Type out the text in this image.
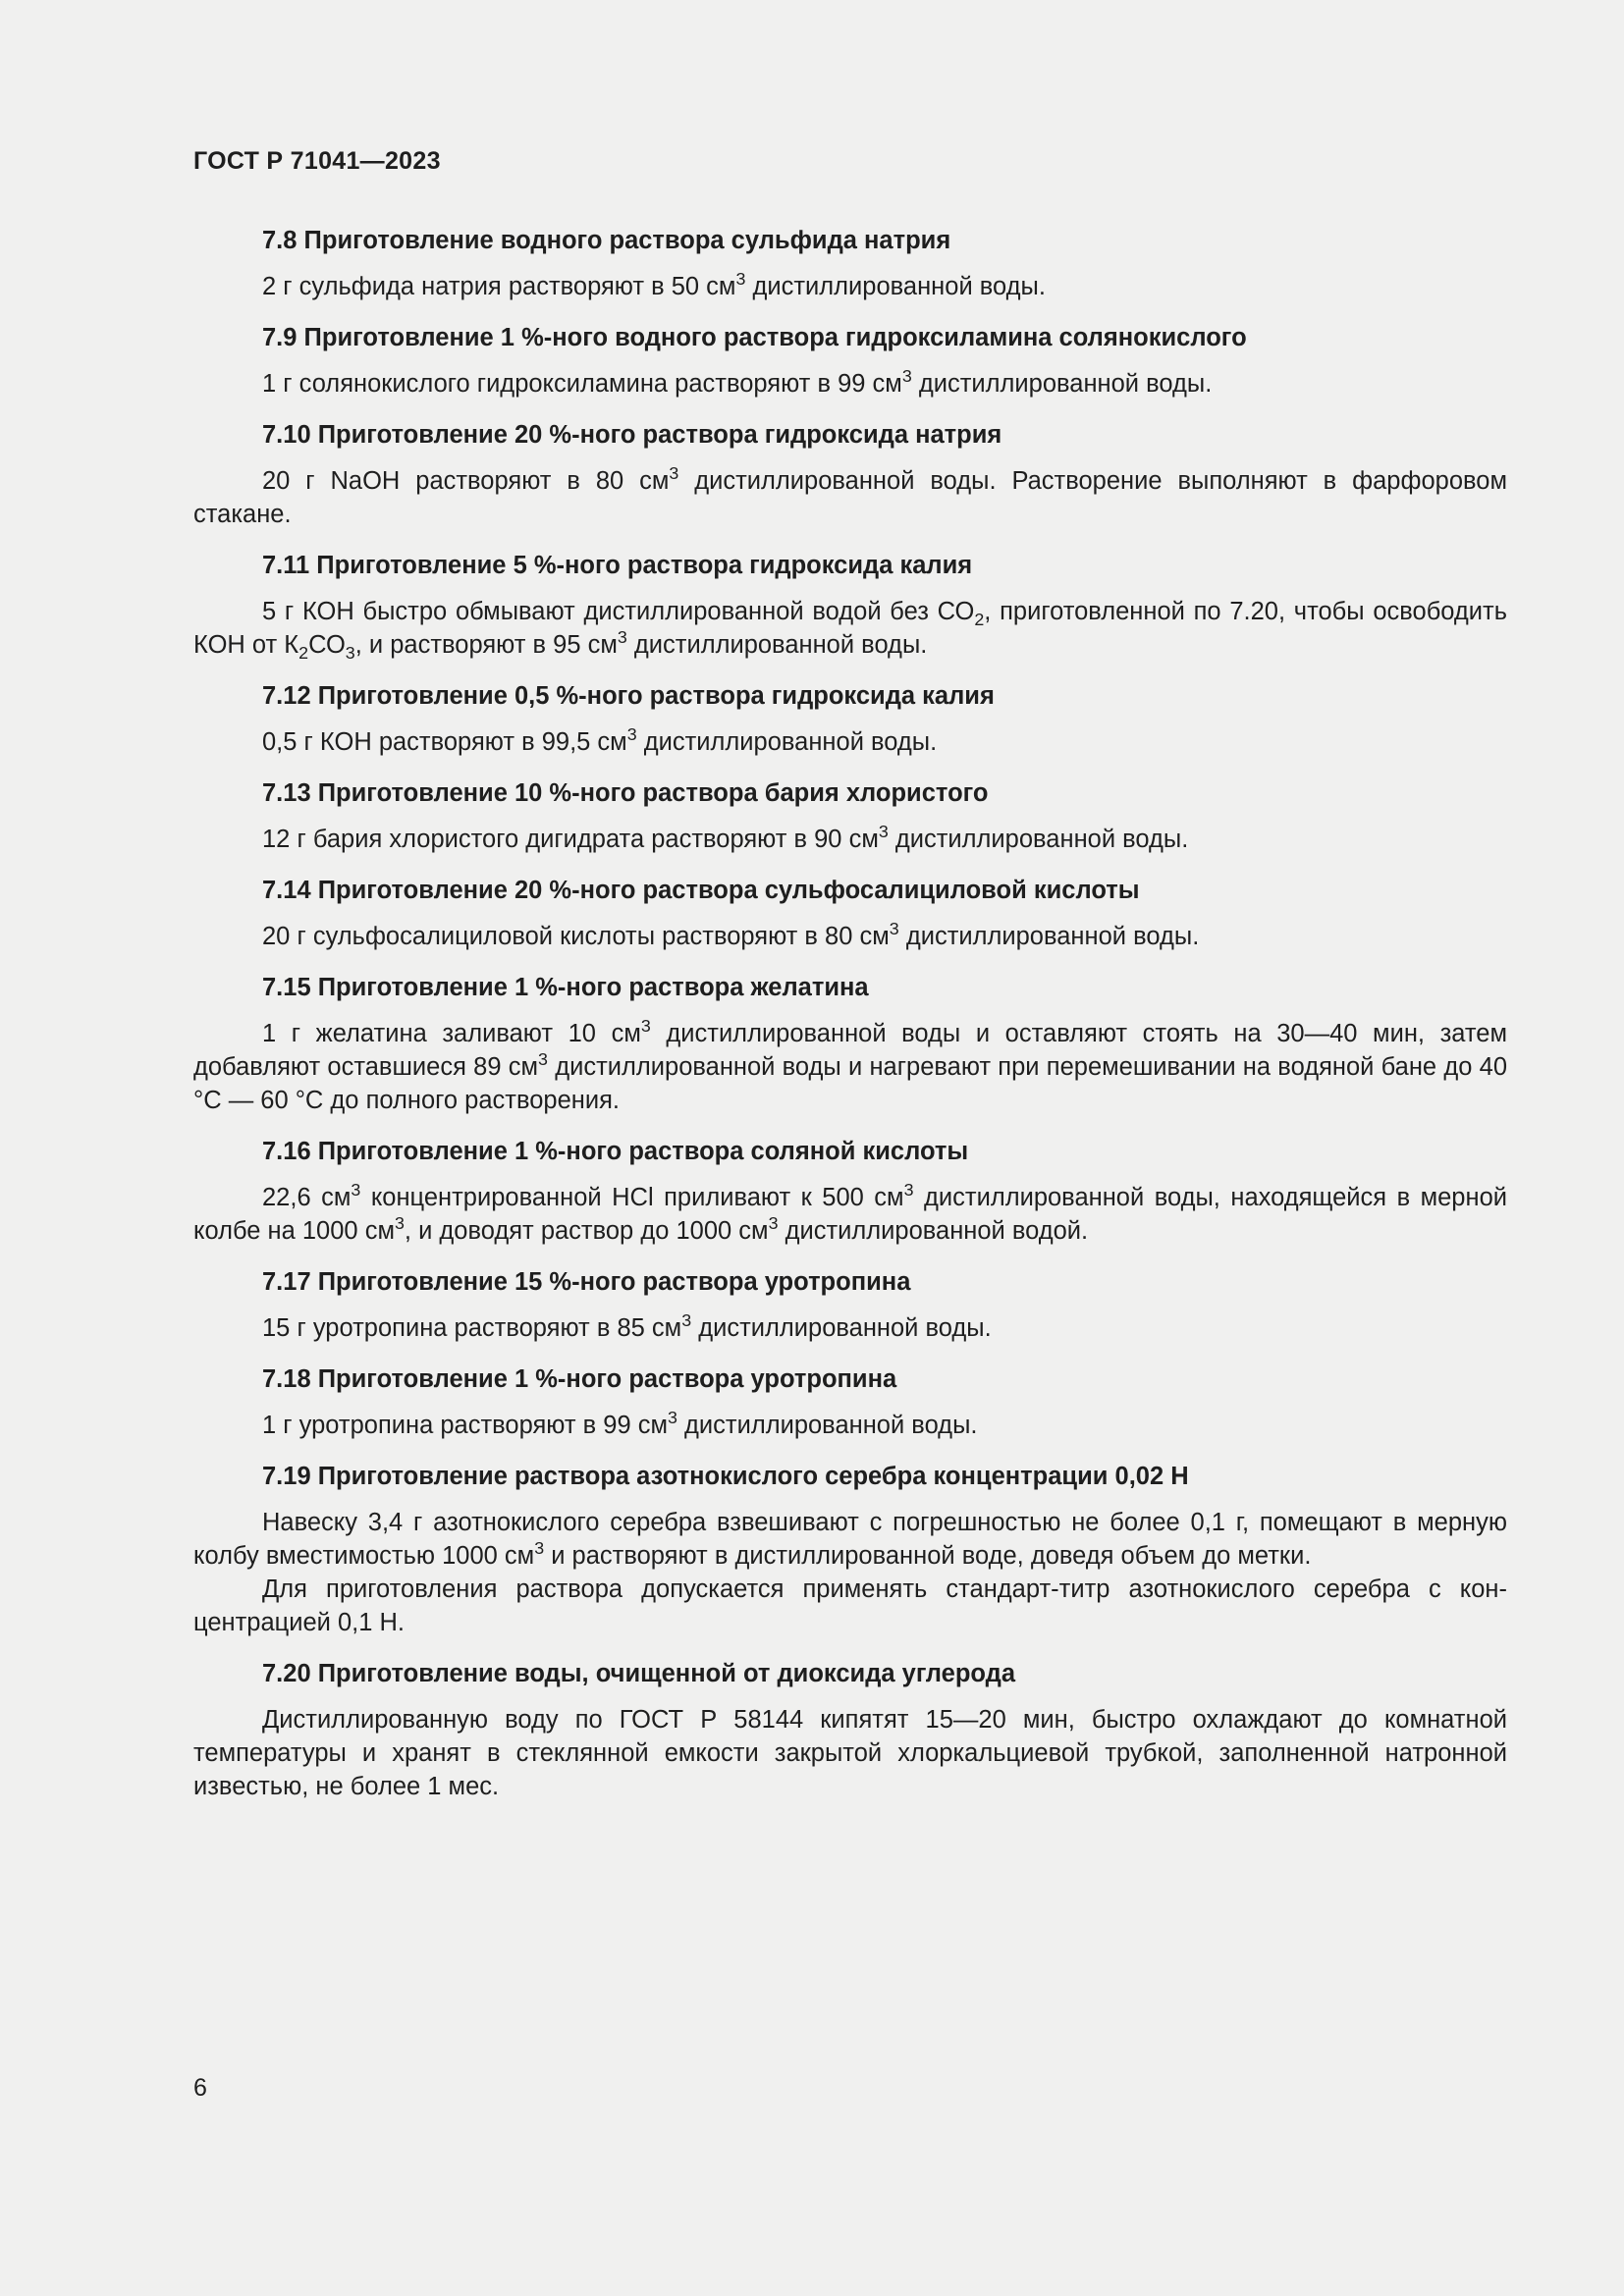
ГОСТ Р 71041—2023
7.8 Приготовление водного раствора сульфида натрия

2 г сульфида натрия растворяют в 50 $см^3$ дистиллированной воды.

7.9 Приготовление 1 %-ного водного раствора гидроксиламина солянокислого

1 г солянокислого гидроксиламина растворяют в 99 $см^3$ дистиллированной воды.

7.10 Приготовление 20 %-ного раствора гидроксида натрия

20 г NaOH растворяют в 80 $см^3$ дистиллированной воды. Растворение выполняют в фарфоровом стакане.

7.11 Приготовление 5 %-ного раствора гидроксида калия

5 г КОН быстро обмывают дистиллированной водой без $СО_2$, приготовленной по 7.20, чтобы освободить КОН от $К_2СО_3$, и растворяют в 95 $см^3$ дистиллированной воды.

7.12 Приготовление 0,5 %-ного раствора гидроксида калия

0,5 г КОН растворяют в 99,5 $см^3$ дистиллированной воды.

7.13 Приготовление 10 %-ного раствора бария хлористого

12 г бария хлористого дигидрата растворяют в 90 $см^3$ дистиллированной воды.

7.14 Приготовление 20 %-ного раствора сульфосалициловой кислоты

20 г сульфосалициловой кислоты растворяют в 80 $см^3$ дистиллированной воды.

7.15 Приготовление 1 %-ного раствора желатина

1 г желатина заливают 10 $см^3$ дистиллированной воды и оставляют стоять на 30—40 мин, затем добавляют оставшиеся 89 $см^3$ дистиллированной воды и нагревают при перемешивании на водяной бане до 40 °С — 60 °С до полного растворения.

7.16 Приготовление 1 %-ного раствора соляной кислоты

22,6 $см^3$ концентрированной HCl приливают к 500 $см^3$ дистиллированной воды, находящейся в мерной колбе на 1000 $см^3$, и доводят раствор до 1000 $см^3$ дистиллированной водой.

7.17 Приготовление 15 %-ного раствора уротропина

15 г уротропина растворяют в 85 $см^3$ дистиллированной воды.

7.18 Приготовление 1 %-ного раствора уротропина

1 г уротропина растворяют в 99 $см^3$ дистиллированной воды.

7.19 Приготовление раствора азотнокислого серебра концентрации 0,02 Н

Навеску 3,4 г азотнокислого серебра взвешивают с погрешностью не более 0,1 г, помещают в мерную колбу вместимостью 1000 $см^3$ и растворяют в дистиллированной воде, доведя объем до метки.

Для приготовления раствора допускается применять стандарт-титр азотнокислого серебра с концентрацией 0,1 Н.

7.20 Приготовление воды, очищенной от диоксида углерода

Дистиллированную воду по ГОСТ Р 58144 кипятят 15—20 мин, быстро охлаждают до комнатной температуры и хранят в стеклянной емкости закрытой хлоркальциевой трубкой, заполненной натронной известью, не более 1 мес.

6
